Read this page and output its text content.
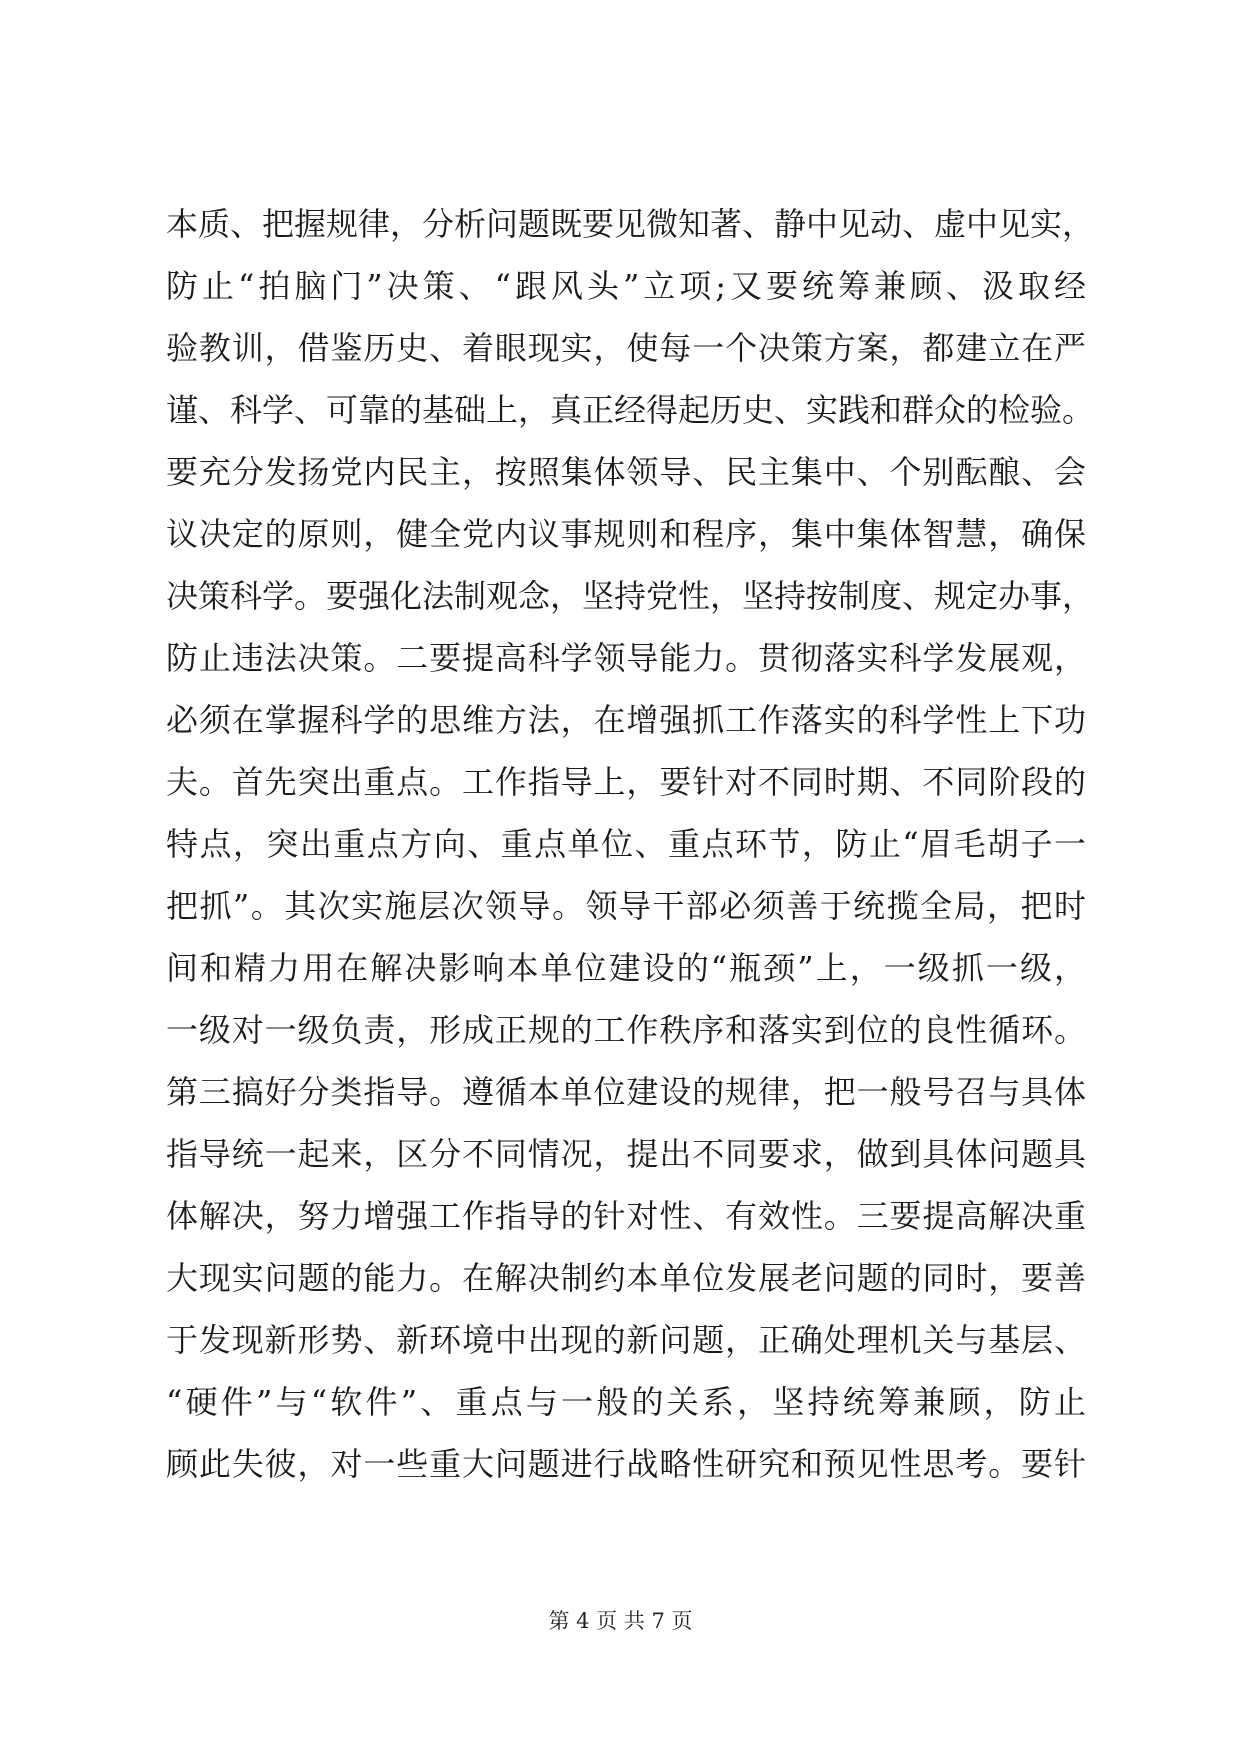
本质、把握规律，分析问题既要见微知著、静中见动、虚中见实，
防止“拍脑门”决策、“跟风头”立项;又要统筹兼顾、汲取经
验教训，借鉴历史、着眼现实，使每一个决策方案，都建立在严
谨、科学、可靠的基础上，真正经得起历史、实践和群众的检验。
要充分发扬党内民主，按照集体领导、民主集中、个别酝酿、会
议决定的原则，健全党内议事规则和程序，集中集体智慧，确保
决策科学。要强化法制观念，坚持党性，坚持按制度、规定办事，
防止违法决策。二要提高科学领导能力。贯彻落实科学发展观，
必须在掌握科学的思维方法，在增强抓工作落实的科学性上下功
夫。首先突出重点。工作指导上，要针对不同时期、不同阶段的
特点，突出重点方向、重点单位、重点环节，防止“眉毛胡子一
把抓”。其次实施层次领导。领导干部必须善于统揽全局，把时
间和精力用在解决影响本单位建设的“瓶颈”上，一级抓一级，
一级对一级负责，形成正规的工作秩序和落实到位的良性循环。
第三搞好分类指导。遵循本单位建设的规律，把一般号召与具体
指导统一起来，区分不同情况，提出不同要求，做到具体问题具
体解决，努力增强工作指导的针对性、有效性。三要提高解决重
大现实问题的能力。在解决制约本单位发展老问题的同时，要善
于发现新形势、新环境中出现的新问题，正确处理机关与基层、
“硬件”与“软件”、重点与一般的关系，坚持统筹兼顾，防止
顾此失彼，对一些重大问题进行战略性研究和预见性思考。要针
第 4 页 共 7 页
